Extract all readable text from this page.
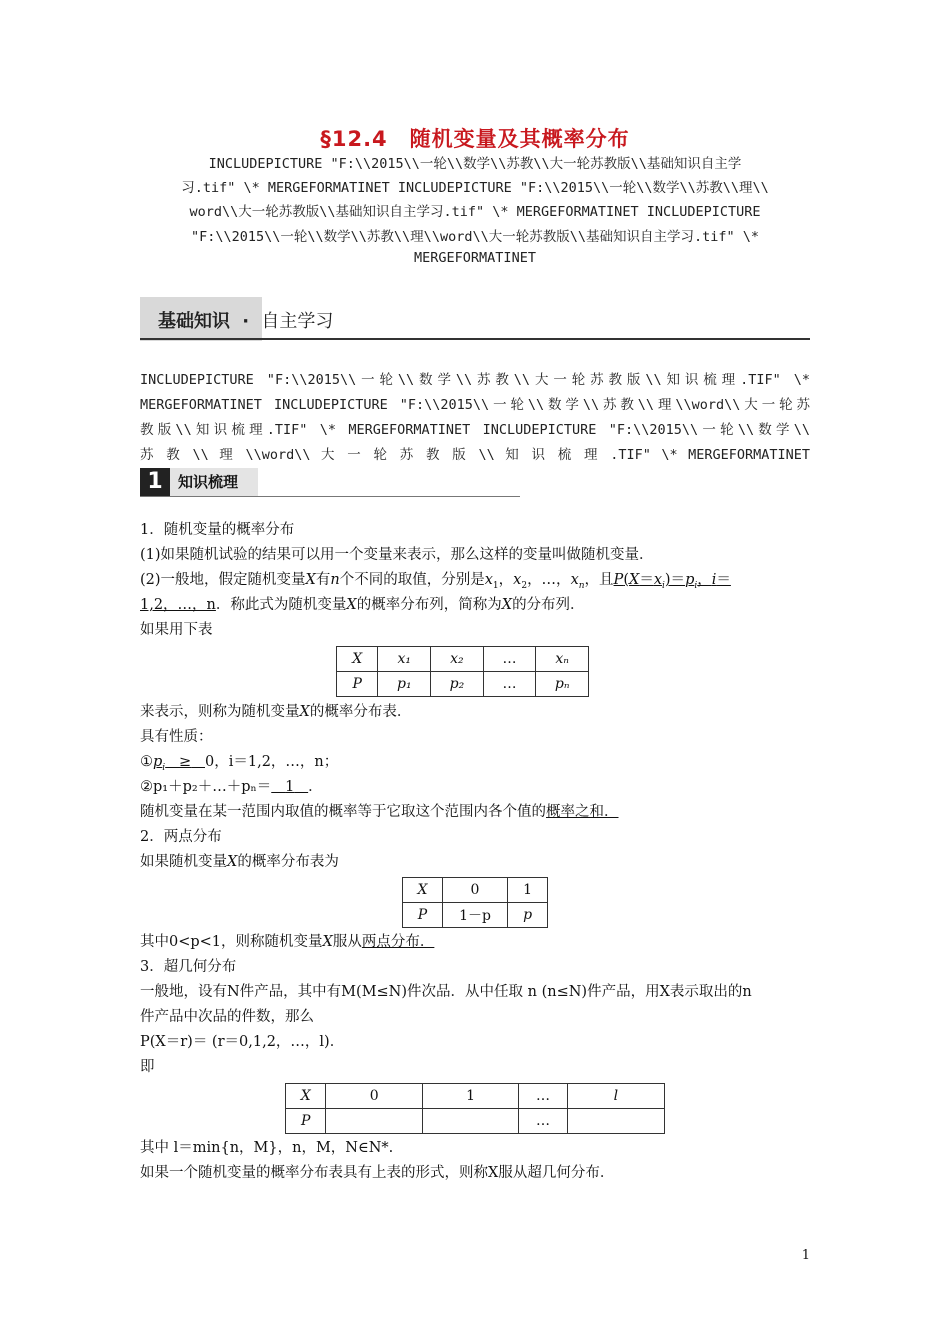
§12.4　随机变量及其概率分布
INCLUDEPICTURE "F:\\2015\\一轮\\数学\\苏教\\大一轮苏教版\\基础知识自主学
习.tif" \* MERGEFORMATINET INCLUDEPICTURE "F:\\2015\\一轮\\数学\\苏教\\理\\
word\\大一轮苏教版\\基础知识自主学习.tif" \* MERGEFORMATINET INCLUDEPICTURE
"F:\\2015\\一轮\\数学\\苏教\\理\\word\\大一轮苏教版\\基础知识自主学习.tif" \*
MERGEFORMATINET
基础知识 · 自主学习
INCLUDEPICTURE "F:\\2015\\一轮\\数学\\苏教\\大一轮苏教版\\知识梳理.TIF" \*
MERGEFORMATINET INCLUDEPICTURE "F:\\2015\\一轮\\数学\\苏教\\理\\word\\大一轮苏
教版\\知识梳理.TIF" \* MERGEFORMATINET INCLUDEPICTURE "F:\\2015\\一轮\\数学\\
苏 教 \\ 理 \\word\\ 大 一 轮 苏 教 版 \\ 知 识 梳 理 .TIF" \* MERGEFORMATINET
1	知识梳理
1．随机变量的概率分布
(1)如果随机试验的结果可以用一个变量来表示，那么这样的变量叫做随机变量．
(2)一般地，假定随机变量X有n个不同的取值，分别是$x_1$，$x_2$，…，$x_n$，且$P(X=x_i)=p_i$，i＝
1,2，…，n．称此式为随机变量X的概率分布列，简称为X的分布列．
如果用下表
X	x₁	x₂	…	xₙ
P	p₁	p₂	…	pₙ
来表示，则称为随机变量X的概率分布表．
具有性质：
$①p_i \ge 0$，i＝1,2，…，n；
②p₁＋p₂＋…＋pₙ＝ 1 ．
随机变量在某一范围内取值的概率等于它取这个范围内各个值的概率之和．
2．两点分布
如果随机变量X的概率分布表为
X	0	1
P	1－p	p
其中0<p<1，则称随机变量X服从两点分布．
3．超几何分布
一般地，设有N件产品，其中有M(M≤N)件次品．从中任取 n (n≤N)件产品，用X表示取出的n
件产品中次品的件数，那么
P(X＝r)＝ (r＝0,1,2，…，l)．
即
X	0	1	…	l
P			…	
其中 l＝min{n，M}，n，M，N∈N*.
如果一个随机变量的概率分布表具有上表的形式，则称X服从超几何分布．
1
